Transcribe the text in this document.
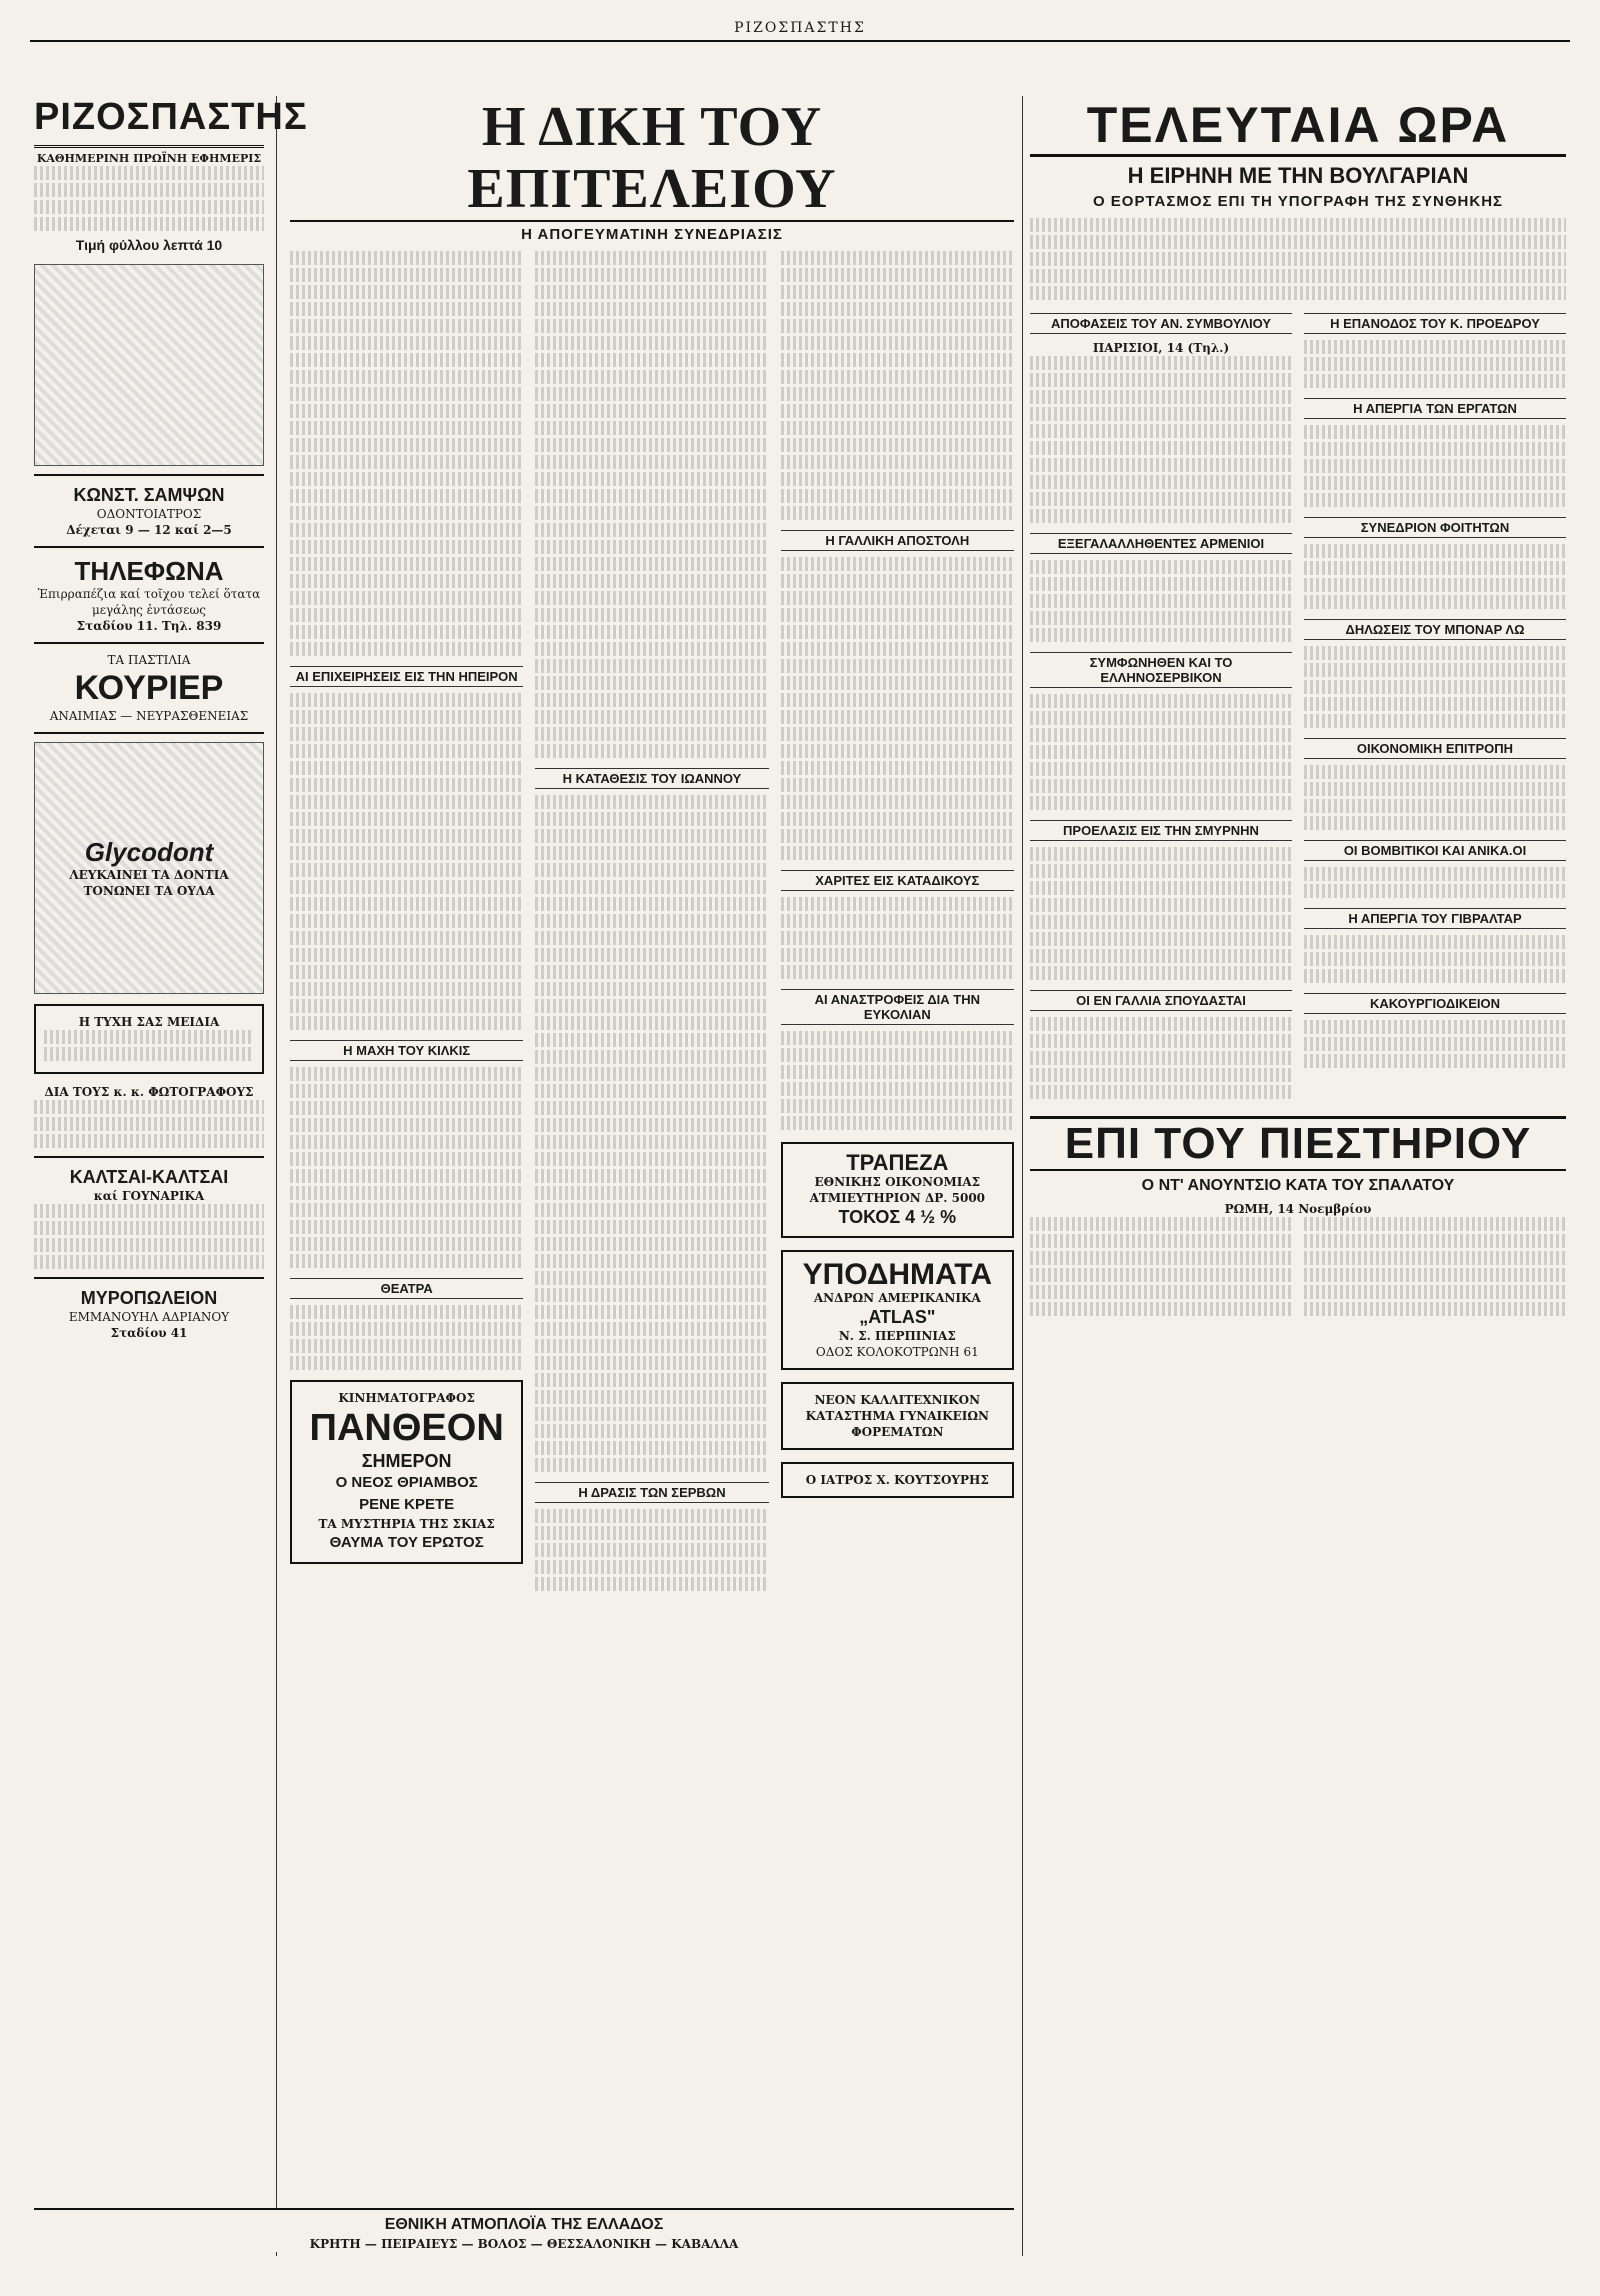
ΡΙΖΟΣΠΑΣΤΗΣ
ΡΙΖΟΣΠΑΣΤΗΣ
ΚΑΘΗΜΕΡΙΝΗ ΠΡΩΪΝΗ ΕΦΗΜΕΡΙΣ
Τιμή φύλλου λεπτά 10
ΚΩΝΣΤ. ΣΑΜΨΩΝ
ΟΔΟΝΤΟΙΑΤΡΟΣ
Δέχεται 9 — 12 καί 2—5
ΤΗΛΕΦΩΝΑ
Ἐπιρραπέζια καί τοῖχου τελεί ὅτατα μεγάλης ἐντάσεως
Σταδίου 11. Τηλ. 839
ΤΑ ΠΑΣΤΙΛΙΑ
ΚΟΥΡΙΕΡ
ΑΝΑΙΜΙΑΣ — ΝΕΥΡΑΣΘΕΝΕΙΑΣ
Glycodont
ΛΕΥΚΑΙΝΕΙ ΤΑ ΔΟΝΤΙΑ
ΤΟΝΩΝΕΙ ΤΑ ΟΥΛΑ
Η ΤΥΧΗ ΣΑΣ ΜΕΙΔΙΑ
ΔΙΑ ΤΟΥΣ κ. κ. ΦΩΤΟΓΡΑΦΟΥΣ
ΚΑΛΤΣΑΙ-ΚΑΛΤΣΑΙ
καί ΓΟΥΝΑΡΙΚΑ
ΜΥΡΟΠΩΛΕΙΟΝ
ΕΜΜΑΝΟΥΗΛ ΑΔΡΙΑΝΟΥ
Σταδίου 41
Η ΔΙΚΗ ΤΟΥ ΕΠΙΤΕΛΕΙΟΥ
Η ΑΠΟΓΕΥΜΑΤΙΝΗ ΣΥΝΕΔΡΙΑΣΙΣ
ΑΙ ΕΠΙΧΕΙΡΗΣΕΙΣ ΕΙΣ ΤΗΝ ΗΠΕΙΡΟΝ
Η ΜΑΧΗ ΤΟΥ ΚΙΛΚΙΣ
ΘΕΑΤΡΑ
ΚΙΝΗΜΑΤΟΓΡΑΦΟΣ
ΠΑΝΘΕΟΝ
ΣΗΜΕΡΟΝ
Ο ΝΕΟΣ ΘΡΙΑΜΒΟΣ
ΡΕΝΕ ΚΡΕΤΕ
ΤΑ ΜΥΣΤΗΡΙΑ ΤΗΣ ΣΚΙΑΣ
ΘΑΥΜΑ ΤΟΥ ΕΡΩΤΟΣ
Η ΚΑΤΑΘΕΣΙΣ ΤΟΥ ΙΩΑΝΝΟΥ
Η ΔΡΑΣΙΣ ΤΩΝ ΣΕΡΒΩΝ
Η ΓΑΛΛΙΚΗ ΑΠΟΣΤΟΛΗ
ΧΑΡΙΤΕΣ ΕΙΣ ΚΑΤΑΔΙΚΟΥΣ
ΑΙ ΑΝΑΣΤΡΟΦΕΙΣ ΔΙΑ ΤΗΝ ΕΥΚΟΛΙΑΝ
ΤΡΑΠΕΖΑ
ΕΘΝΙΚΗΣ ΟΙΚΟΝΟΜΙΑΣ
ΑΤΜΙΕΥΤΗΡΙΟΝ ΔΡ. 5000
ΤΟΚΟΣ 4 ½ %
ΥΠΟΔΗΜΑΤΑ
ΑΝΔΡΩΝ ΑΜΕΡΙΚΑΝΙΚΑ
„ATLAS"
Ν. Σ. ΠΕΡΠΙΝΙΑΣ
ΟΔΟΣ ΚΟΛΟΚΟΤΡΩΝΗ 61
ΝΕΟΝ ΚΑΛΛΙΤΕΧΝΙΚΟΝ ΚΑΤΑΣΤΗΜΑ ΓΥΝΑΙΚΕΙΩΝ ΦΟΡΕΜΑΤΩΝ
Ο ΙΑΤΡΟΣ Χ. ΚΟΥΤΣΟΥΡΗΣ
ΤΕΛΕΥΤΑΙΑ ΩΡΑ
Η ΕΙΡΗΝΗ ΜΕ ΤΗΝ ΒΟΥΛΓΑΡΙΑΝ
Ο ΕΟΡΤΑΣΜΟΣ ΕΠΙ ΤΗ ΥΠΟΓΡΑΦΗ ΤΗΣ ΣΥΝΘΗΚΗΣ
ΑΠΟΦΑΣΕΙΣ ΤΟΥ ΑΝ. ΣΥΜΒΟΥΛΙΟΥ
ΠΑΡΙΣΙΟΙ, 14 (Τηλ.)
ΕΞΕΓΑΛΑΛΛΗΘΕΝΤΕΣ ΑΡΜΕΝΙΟΙ
ΣΥΜΦΩΝΗΘΕΝ ΚΑΙ ΤΟ ΕΛΛΗΝΟΣΕΡΒΙΚΟΝ
ΠΡΟΕΛΑΣΙΣ ΕΙΣ ΤΗΝ ΣΜΥΡΝΗΝ
ΟΙ ΕΝ ΓΑΛΛΙΑ ΣΠΟΥΔΑΣΤΑΙ
Η ΕΠΑΝΟΔΟΣ ΤΟΥ Κ. ΠΡΟΕΔΡΟΥ
Η ΑΠΕΡΓΙΑ ΤΩΝ ΕΡΓΑΤΩΝ
ΣΥΝΕΔΡΙΟΝ ΦΟΙΤΗΤΩΝ
ΔΗΛΩΣΕΙΣ ΤΟΥ ΜΠΟΝΑΡ ΛΩ
ΟΙΚΟΝΟΜΙΚΗ ΕΠΙΤΡΟΠΗ
ΟΙ ΒΟΜΒΙΤΙΚΟΙ ΚΑΙ ΑΝΙΚΑ.ΟΙ
Η ΑΠΕΡΓΙΑ ΤΟΥ ΓΙΒΡΑΛΤΑΡ
ΚΑΚΟΥΡΓΙΟΔΙΚΕΙΟΝ
ΕΠΙ ΤΟΥ ΠΙΕΣΤΗΡΙΟΥ
Ο ΝΤ' ΑΝΟΥΝΤΣΙΟ ΚΑΤΑ ΤΟΥ ΣΠΑΛΑΤΟΥ
ΡΩΜΗ, 14 Νοεμβρίου
ΕΘΝΙΚΗ ΑΤΜΟΠΛΟΪΑ ΤΗΣ ΕΛΛΑΔΟΣ
ΚΡΗΤΗ — ΠΕΙΡΑΙΕΥΣ — ΒΟΛΟΣ — ΘΕΣΣΑΛΟΝΙΚΗ — ΚΑΒΑΛΛΑ
